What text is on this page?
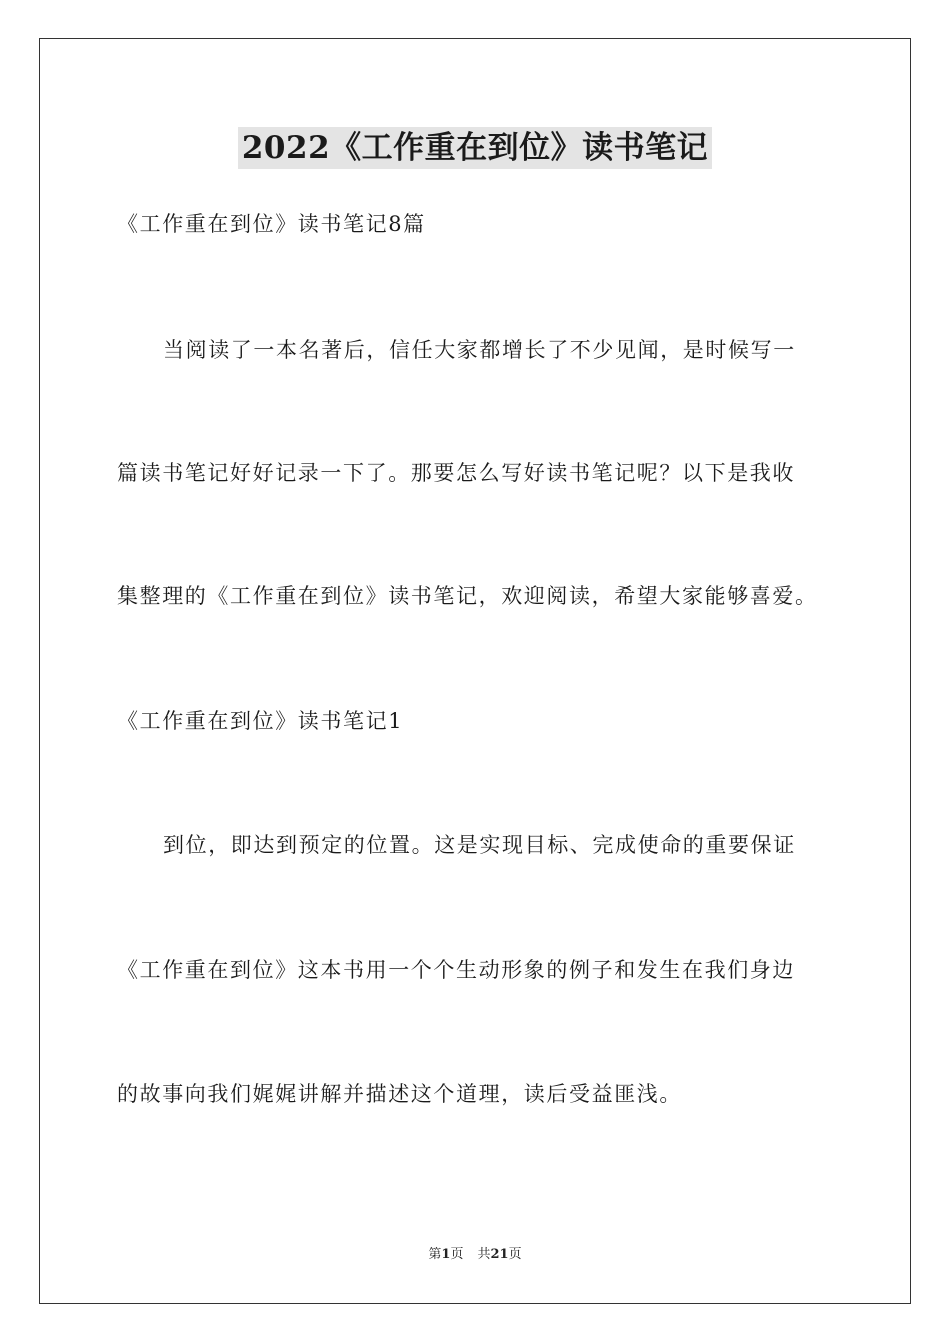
2022《工作重在到位》读书笔记
《工作重在到位》读书笔记8篇
当阅读了一本名著后，信任大家都增长了不少见闻，是时候写一
篇读书笔记好好记录一下了。那要怎么写好读书笔记呢？以下是我收
集整理的《工作重在到位》读书笔记，欢迎阅读，希望大家能够喜爱。
《工作重在到位》读书笔记1
到位，即达到预定的位置。这是实现目标、完成使命的重要保证
《工作重在到位》这本书用一个个生动形象的例子和发生在我们身边
的故事向我们娓娓讲解并描述这个道理，读后受益匪浅。
第1页 共21页
